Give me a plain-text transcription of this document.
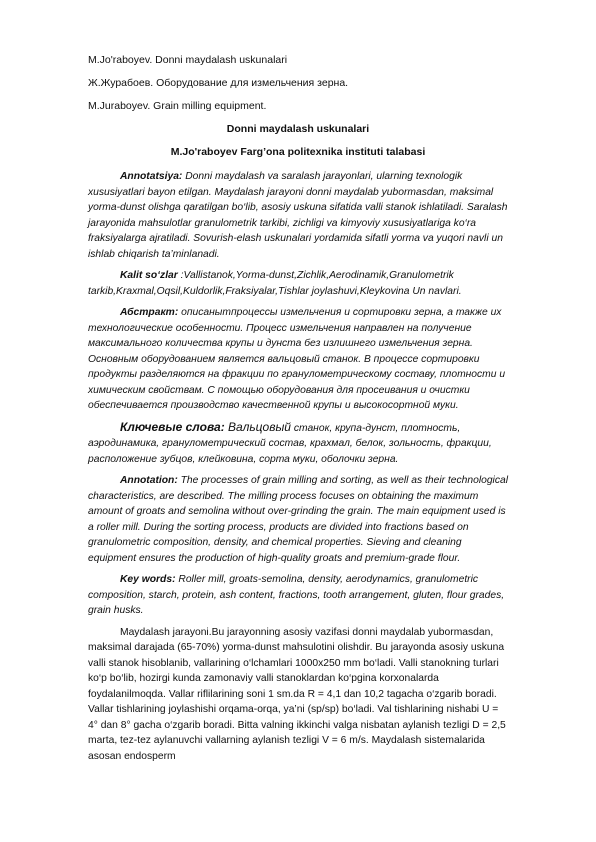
M.Jo'raboyev. Donni maydalash uskunalari

Ж.Журабоев. Оборудование для измельчения зерна.

M.Juraboyev. Grain milling equipment.

Donni maydalash uskunalari

M.Jo'raboyev Farg’ona politexnika instituti talabasi

Annotatsiya: Donni maydalash va saralash jarayonlari, ularning texnologik xususiyatlari bayon etilgan. Maydalash jarayoni donni maydalab yubormasdan, maksimal yorma-dunst olishga qaratilgan bo‘lib, asosiy uskuna sifatida valli stanok ishlatiladi. Saralash jarayonida mahsulotlar granulometrik tarkibi, zichligi va kimyoviy xususiyatlariga ko‘ra fraksiyalarga ajratiladi. Sovurish-elash uskunalari yordamida sifatli yorma va yuqori navli un ishlab chiqarish ta’minlanadi.

Kalit so‘zlar :Vallistanok,Yorma-dunst,Zichlik,Aerodinamik,Granulometrik tarkib,Kraxmal,Oqsil,Kuldorlik,Fraksiyalar,Tishlar joylashuvi,Kleykovina Un navlari.

Абстракт: описанытпроцессы измельчения и сортировки зерна, а также их технологические особенности. Процесс измельчения направлен на получение максимального количества крупы и дунста без излишнего измельчения зерна. Основным оборудованием является вальцовый станок. В процессе сортировки продукты разделяются на фракции по гранулометрическому составу, плотности и химическим свойствам. С помощью оборудования для просеивания и очистки обеспечивается производство качественной крупы и высокосортной муки.

Ключевые слова: Вальцовый станок, крупа-дунст, плотность, аэродинамика, гранулометрический состав, крахмал, белок, зольность, фракции, расположение зубцов, клейковина, сорта муки, оболочки зерна.

Annotation: The processes of grain milling and sorting, as well as their technological characteristics, are described. The milling process focuses on obtaining the maximum amount of groats and semolina without over-grinding the grain. The main equipment used is a roller mill. During the sorting process, products are divided into fractions based on granulometric composition, density, and chemical properties. Sieving and cleaning equipment ensures the production of high-quality groats and premium-grade flour.

Key words: Roller mill, groats-semolina, density, aerodynamics, granulometric composition, starch, protein, ash content, fractions, tooth arrangement, gluten, flour grades, grain husks.

Maydalash jarayoni.Bu jarayonning asosiy vazifasi donni maydalab yubormasdan, maksimal darajada (65-70%) yorma-dunst mahsulotini olishdir. Bu jarayonda asosiy uskuna valli stanok hisoblanib, vallarining o‘lchamlari 1000x250 mm bo‘ladi. Valli stanokning turlari ko‘p bo‘lib, hozirgi kunda zamonaviy valli stanoklardan ko‘pgina korxonalarda foydalanilmoqda. Vallar riflilarining soni 1 sm.da R = 4,1 dan 10,2 tagacha o‘zgarib boradi. Vallar tishlarining joylashishi orqama-orqa, ya’ni (sp/sp) bo‘ladi. Val tishlarining nishabi U = 4° dan 8° gacha o‘zgarib boradi. Bitta valning ikkinchi valga nisbatan aylanish tezligi D = 2,5 marta, tez-tez aylanuvchi vallarning aylanish tezligi V = 6 m/s. Maydalash sistemalarida asosan endosperm
